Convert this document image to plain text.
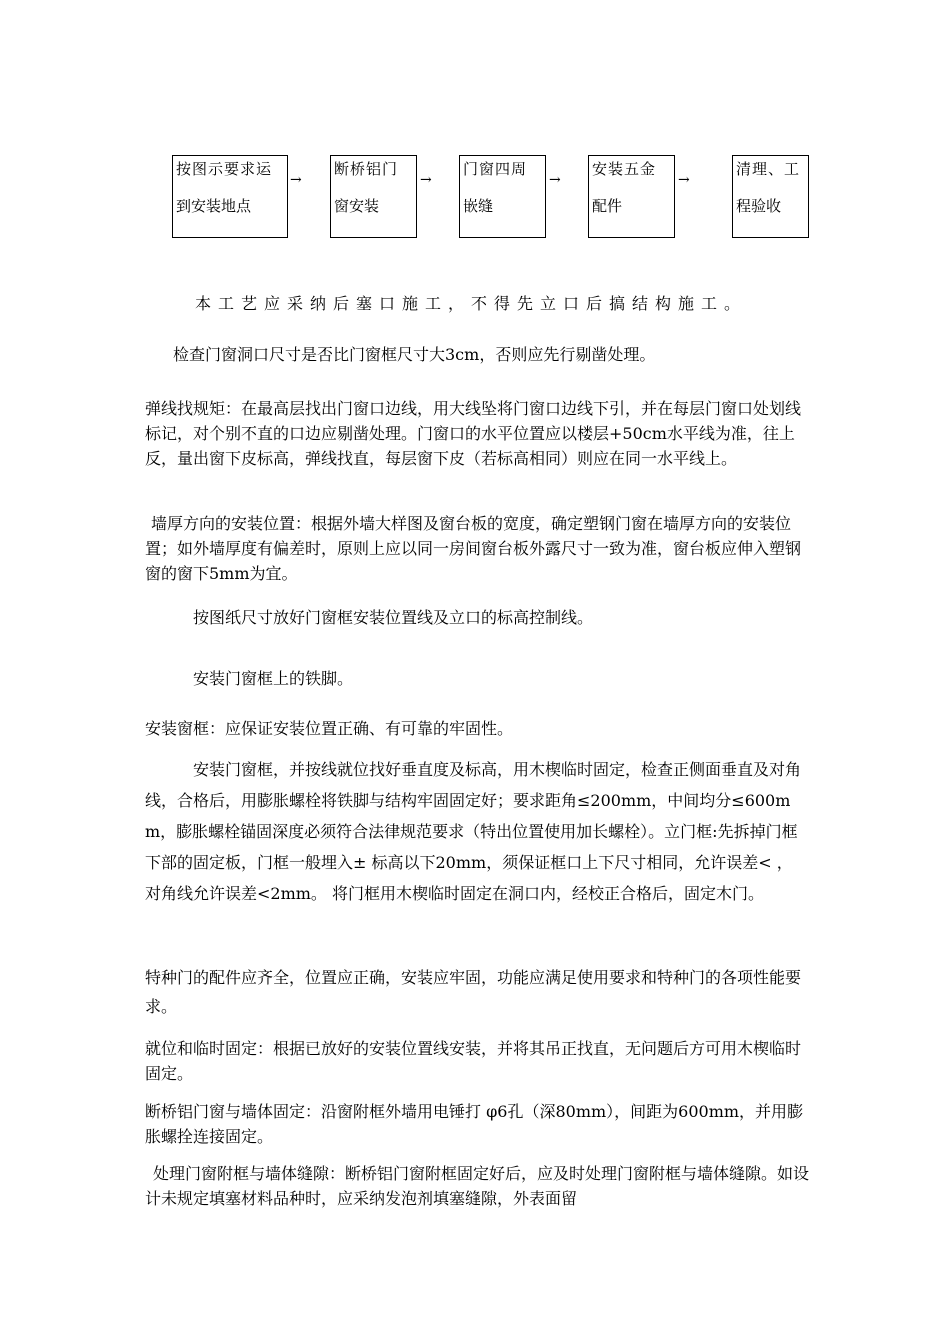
按图示要求运
到安装地点
→
断桥铝门
窗安装
→
门窗四周
嵌缝
→
安装五金
配件
→
清理、工
程验收

本工艺应采纳后塞口施工，不得先立口后搞结构施工。

检查门窗洞口尺寸是否比门窗框尺寸大3cm，否则应先行剔凿处理。

弹线找规矩：在最高层找出门窗口边线，用大线坠将门窗口边线下引，并在每层门窗口处划线标记，对个别不直的口边应剔凿处理。门窗口的水平位置应以楼层+50cm水平线为准，往上反，量出窗下皮标高，弹线找直，每层窗下皮（若标高相同）则应在同一水平线上。

墙厚方向的安装位置：根据外墙大样图及窗台板的宽度，确定塑钢门窗在墙厚方向的安装位置；如外墙厚度有偏差时，原则上应以同一房间窗台板外露尺寸一致为准，窗台板应伸入塑钢窗的窗下5mm为宜。

按图纸尺寸放好门窗框安装位置线及立口的标高控制线。

安装门窗框上的铁脚。

安装窗框：应保证安装位置正确、有可靠的牢固性。

安装门窗框，并按线就位找好垂直度及标高，用木楔临时固定，检查正侧面垂直及对角线，合格后，用膨胀螺栓将铁脚与结构牢固固定好；要求距角≤200mm，中间均分≤600mm，膨胀螺栓锚固深度必须符合法律规范要求（特出位置使用加长螺栓）。立门框:先拆掉门框下部的固定板，门框一般埋入± 标高以下20mm，须保证框口上下尺寸相同，允许误差< ， 对角线允许误差<2mm。 将门框用木楔临时固定在洞口内，经校正合格后，固定木门。

特种门的配件应齐全，位置应正确，安装应牢固，功能应满足使用要求和特种门的各项性能要求。

就位和临时固定：根据已放好的安装位置线安装，并将其吊正找直，无问题后方可用木楔临时固定。

断桥铝门窗与墙体固定：沿窗附框外墙用电锤打 φ6孔（深80mm），间距为600mm，并用膨胀螺拴连接固定。

处理门窗附框与墙体缝隙：断桥铝门窗附框固定好后，应及时处理门窗附框与墙体缝隙。如设计未规定填塞材料品种时，应采纳发泡剂填塞缝隙，外表面留
